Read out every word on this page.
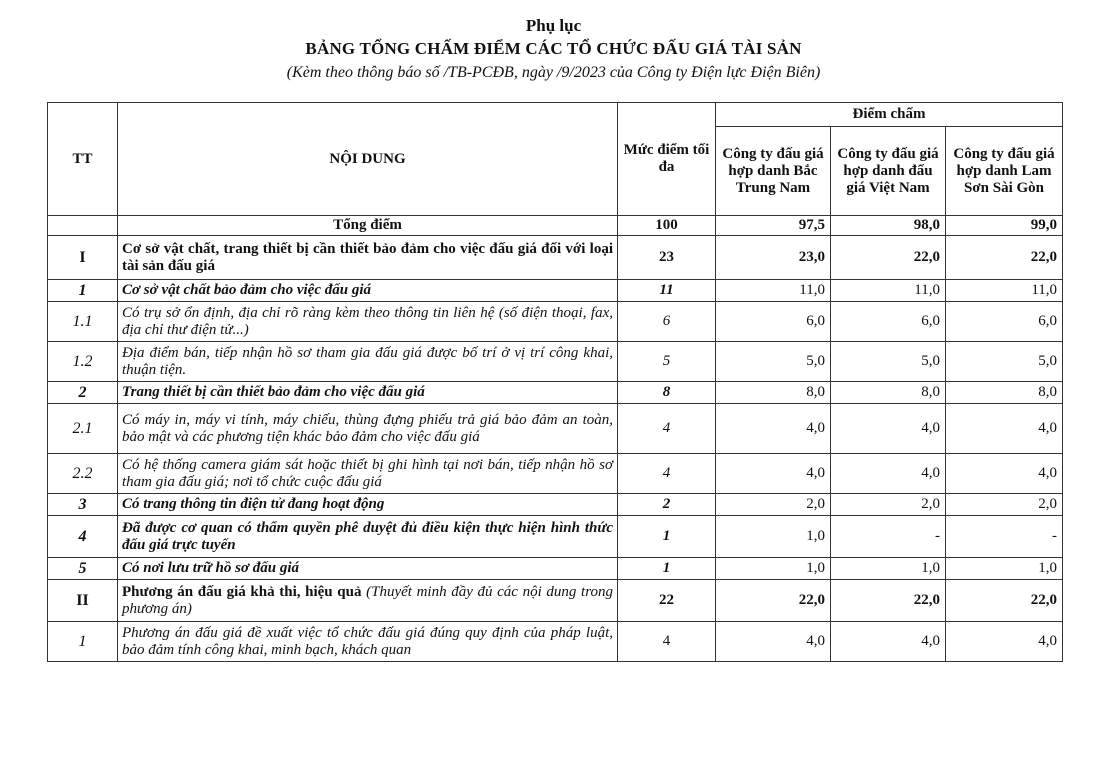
Phụ lục
BẢNG TỔNG CHẤM ĐIỂM CÁC TỔ CHỨC ĐẤU GIÁ TÀI SẢN
(Kèm theo thông báo số /TB-PCĐB, ngày /9/2023 của Công ty Điện lực Điện Biên)
TT	NỘI DUNG	Mức điểm tối đa	Điểm chấm		
			Công ty đấu giá hợp danh Bắc Trung Nam	Công ty đấu giá hợp danh đấu giá Việt Nam	Công ty đấu giá hợp danh Lam Sơn Sài Gòn
	Tổng điểm	100	97,5	98,0	99,0
I	Cơ sở vật chất, trang thiết bị cần thiết bảo đảm cho việc đấu giá đối với loại tài sản đấu giá	23	23,0	22,0	22,0
1	Cơ sở vật chất bảo đảm cho việc đấu giá	11	11,0	11,0	11,0
1.1	Có trụ sở ổn định, địa chỉ rõ ràng kèm theo thông tin liên hệ (số điện thoại, fax, địa chỉ thư điện tử...)	6	6,0	6,0	6,0
1.2	Địa điểm bán, tiếp nhận hồ sơ tham gia đấu giá được bố trí ở vị trí công khai, thuận tiện.	5	5,0	5,0	5,0
2	Trang thiết bị cần thiết bảo đảm cho việc đấu giá	8	8,0	8,0	8,0
2.1	Có máy in, máy vi tính, máy chiếu, thùng đựng phiếu trả giá bảo đảm an toàn, bảo mật và các phương tiện khác bảo đảm cho việc đấu giá	4	4,0	4,0	4,0
2.2	Có hệ thống camera giám sát hoặc thiết bị ghi hình tại nơi bán, tiếp nhận hồ sơ tham gia đấu giá; nơi tổ chức cuộc đấu giá	4	4,0	4,0	4,0
3	Có trang thông tin điện tử đang hoạt động	2	2,0	2,0	2,0
4	Đã được cơ quan có thẩm quyền phê duyệt đủ điều kiện thực hiện hình thức đấu giá trực tuyến	1	1,0	-	-
5	Có nơi lưu trữ hồ sơ đấu giá	1	1,0	1,0	1,0
II	Phương án đấu giá khả thi, hiệu quả (Thuyết minh đầy đủ các nội dung trong phương án)	22	22,0	22,0	22,0
1	Phương án đấu giá đề xuất việc tổ chức đấu giá đúng quy định của pháp luật, bảo đảm tính công khai, minh bạch, khách quan	4	4,0	4,0	4,0
